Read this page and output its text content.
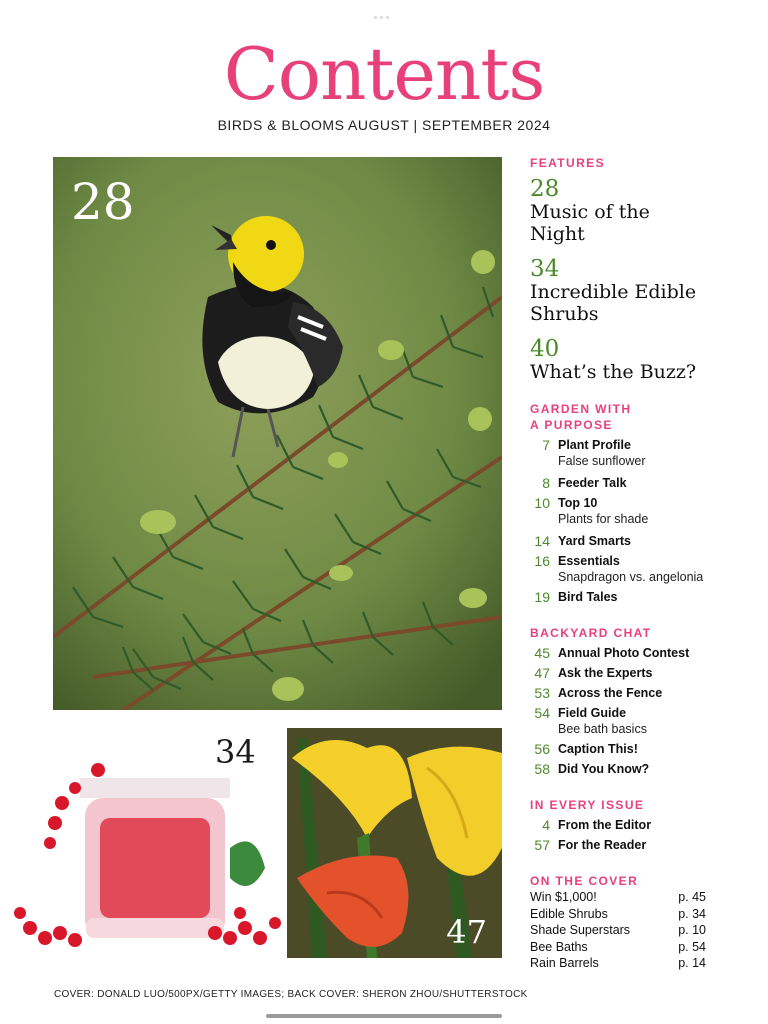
Contents
BIRDS & BLOOMS AUGUST | SEPTEMBER 2024
28
34
47
FEATURES
28
Music of the
Night
34
Incredible Edible
Shrubs
40
What’s the Buzz?
GARDEN WITH
A PURPOSE
7 Plant Profile
False sunflower
8 Feeder Talk
10 Top 10
Plants for shade
14 Yard Smarts
16 Essentials
Snapdragon vs. angelonia
19 Bird Tales
BACKYARD CHAT
45 Annual Photo Contest
47 Ask the Experts
53 Across the Fence
54 Field Guide
Bee bath basics
56 Caption This!
58 Did You Know?
IN EVERY ISSUE
4 From the Editor
57 For the Reader
ON THE COVER
Win $1,000!	p. 45
Edible Shrubs	p. 34
Shade Superstars	p. 10
Bee Baths	p. 54
Rain Barrels	p. 14
COVER: DONALD LUO/500PX/GETTY IMAGES; BACK COVER: SHERON ZHOU/SHUTTERSTOCK
